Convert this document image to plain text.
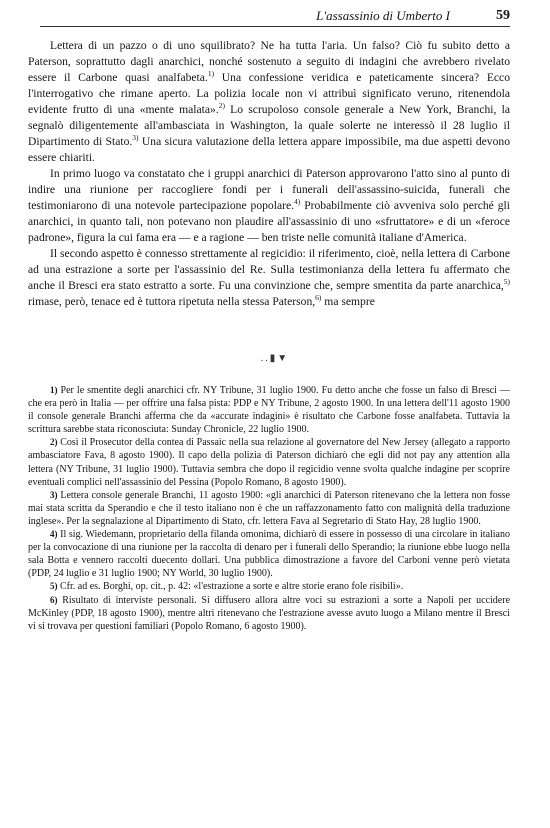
L'assassinio di Umberto I	59

Lettera di un pazzo o di uno squilibrato? Ne ha tutta l'aria. Un falso? Ciò fu subito detto a Paterson, soprattutto dagli anarchici, nonché sostenuto a seguito di indagini che avrebbero rivelato essere il Carbone quasi analfabeta.$^{1)}$ Una confessione veridica e pateticamente sincera? Ecco l'interrogativo che rimane aperto. La polizia locale non vi attribuì significato veruno, ritenendola evidente frutto di una «mente malata».$^{2)}$ Lo scrupoloso console generale a New York, Branchi, la segnalò diligentemente all'ambasciata in Washington, la quale solerte ne interessò il 28 luglio il Dipartimento di Stato.$^{3)}$ Una sicura valutazione della lettera appare impossibile, ma due aspetti devono essere chiariti.

In primo luogo va constatato che i gruppi anarchici di Paterson approvarono l'atto sino al punto di indire una riunione per raccogliere fondi per i funerali dell'assassino-suicida, funerali che testimoniarono di una notevole partecipazione popolare.$^{4)}$ Probabilmente ciò avveniva solo perché gli anarchici, in quanto tali, non potevano non plaudire all'assassinio di uno «sfruttatore» e di un «feroce padrone», figura la cui fama era — e a ragione — ben triste nelle comunità italiane d'America.

Il secondo aspetto è connesso strettamente al regicidio: il riferimento, cioè, nella lettera di Carbone ad una estrazione a sorte per l'assassinio del Re. Sulla testimonianza della lettera fu affermato che anche il Bresci era stato estratto a sorte. Fu una convinzione che, sempre smentita da parte anarchica,$^{5)}$ rimase, però, tenace ed è tuttora ripetuta nella stessa Paterson,$^{6)}$ ma sempre

..▮▼

1) Per le smentite degli anarchici cfr. NY Tribune, 31 luglio 1900. Fu detto anche che fosse un falso di Bresci — che era però in Italia — per offrire una falsa pista: PDP e NY Tribune, 2 agosto 1900. In una lettera dell'11 agosto 1900 il console generale Branchi afferma che da «accurate indagini» è risultato che Carbone fosse analfabeta. Tuttavia la scrittura sarebbe stata riconosciuta: Sunday Chronicle, 22 luglio 1900.

2) Così il Prosecutor della contea di Passaic nella sua relazione al governatore del New Jersey (allegato a rapporto ambasciatore Fava, 8 agosto 1900). Il capo della polizia di Paterson dichiarò che egli did not pay any attention alla lettera (NY Tribune, 31 luglio 1900). Tuttavia sembra che dopo il regicidio venne svolta qualche indagine per scoprire eventuali complici nell'assassinio del Pessina (Popolo Romano, 8 agosto 1900).

3) Lettera console generale Branchi, 11 agosto 1900: «gli anarchici di Paterson ritenevano che la lettera non fosse mai stata scritta da Sperandio e che il testo italiano non è che un raffazzonamento fatto con malignità della traduzione inglese». Per la segnalazione al Dipartimento di Stato, cfr. lettera Fava al Segretario di Stato Hay, 28 luglio 1900.

4) Il sig. Wiedemann, proprietario della filanda omonima, dichiarò di essere in possesso di una circolare in italiano per la convocazione di una riunione per la raccolta di denaro per i funerali dello Sperandio; la riunione ebbe luogo nella sala Botta e vennero raccolti duecento dollari. Una pubblica dimostrazione a favore del Carboni venne però vietata (PDP, 24 luglio e 31 luglio 1900; NY World, 30 luglio 1900).

5) Cfr. ad es. Borghi, op. cit., p. 42: «l'estrazione a sorte e altre storie erano fole risibili».

6) Risultato di interviste personali. Si diffusero allora altre voci su estrazioni a sorte a Napoli per uccidere McKinley (PDP, 18 agosto 1900), mentre altri ritenevano che l'estrazione avesse avuto luogo a Milano mentre il Bresci vi si trovava per questioni familiari (Popolo Romano, 6 agosto 1900).
